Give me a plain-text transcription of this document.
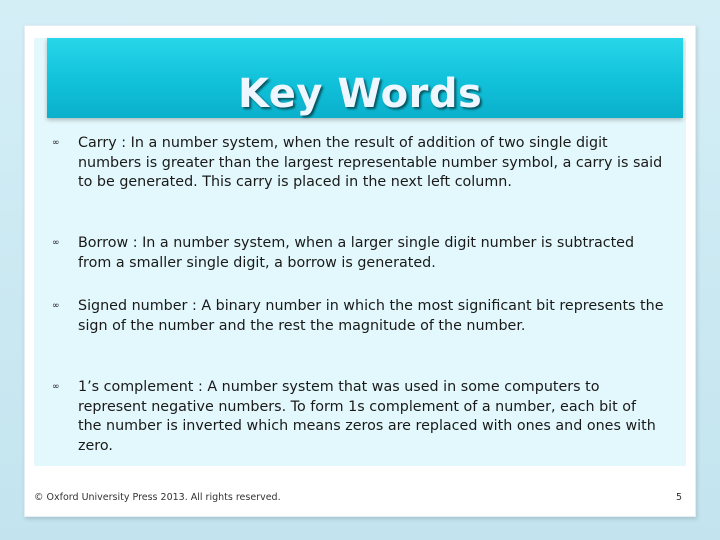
Key Words
∞	Carry : In a number system, when the result of addition of two single digit numbers is greater than the largest representable number symbol, a carry is said to be generated. This carry is placed in the next left column.

∞	Borrow : In a number system, when a larger single digit number is subtracted from a smaller single digit, a borrow is generated.

∞	Signed number : A binary number in which the most significant bit represents the sign of the number and the rest the magnitude of the number.

∞	1’s complement : A number system that was used in some computers to represent negative numbers. To form 1s complement of a number, each bit of the number is inverted which means zeros are replaced with ones and ones with zero.

© Oxford University Press 2013. All rights reserved.	5
